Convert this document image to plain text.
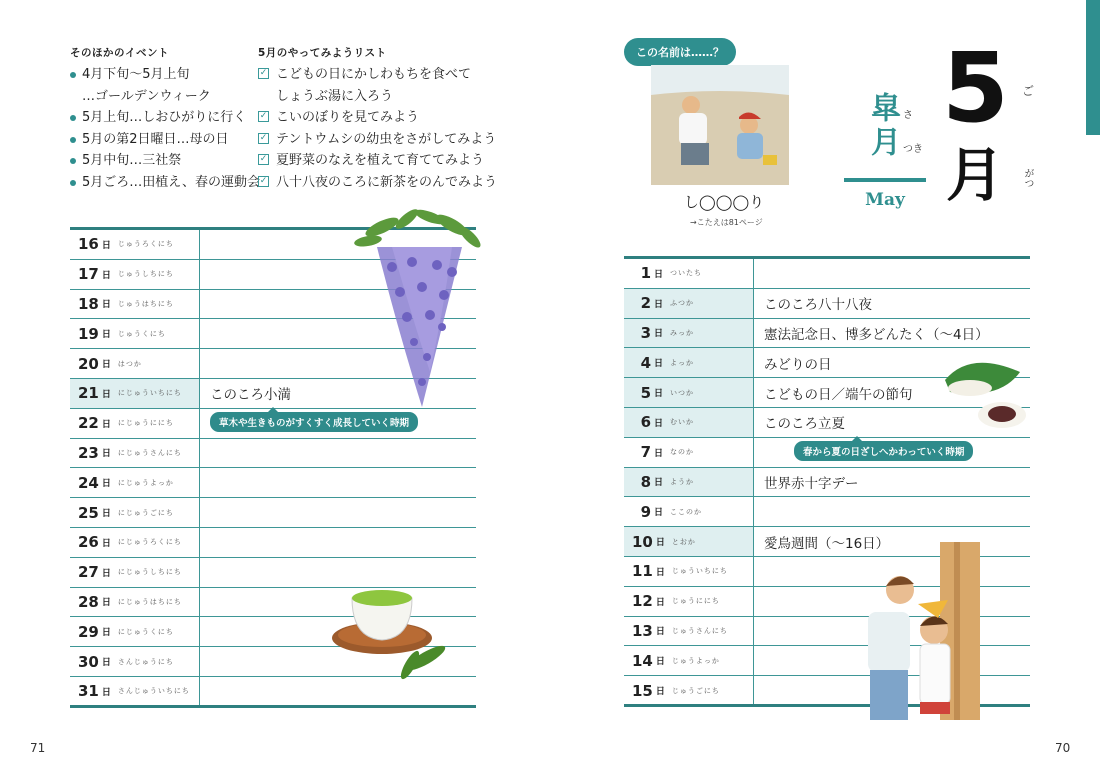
そのほかのイベント
4月下旬〜5月上旬
…ゴールデンウィーク
5月上旬…しおひがりに行く
5月の第2日曜日…母の日
5月中旬…三社祭
5月ごろ…田植え、春の運動会
5月のやってみようリスト
✓ こどもの日にかしわもちを食べて
しょうぶ湯に入ろう
✓ こいのぼりを見てみよう
✓ テントウムシの幼虫をさがしてみよう
✓ 夏野菜のなえを植えて育ててみよう
✓ 八十八夜のころに新茶をのんでみよう
16 日 じゅうろくにち
17 日 じゅうしちにち
18 日 じゅうはちにち
19 日 じゅうくにち
20 日 はつか
21 日 にじゅういちにち このころ小満
22 日 にじゅうににち
23 日 にじゅうさんにち
24 日 にじゅうよっか
25 日 にじゅうごにち
26 日 にじゅうろくにち
27 日 にじゅうしちにち
28 日 にじゅうはちにち
29 日 にじゅうくにち
30 日 さんじゅうにち
31 日 さんじゅういちにち
草木や生きものがすくすく成長していく時期
この名前は……？
し◯◯◯り
→こたえは81ページ
皐月 さ
つき
May
5 ご
月 がつ
1 日 ついたち
2 日 ふつか	このころ八十八夜
3 日 みっか	憲法記念日、博多どんたく（〜4日）
4 日 よっか	みどりの日
5 日 いつか	こどもの日／端午の節句
6 日 むいか	このころ立夏
7 日 なのか
8 日 ようか	世界赤十字デー
9 日 ここのか
10 日 とおか	愛鳥週間（〜16日）
11 日 じゅういちにち
12 日 じゅうににち
13 日 じゅうさんにち
14 日 じゅうよっか
15 日 じゅうごにち
春から夏の日ざしへかわっていく時期
71	70
